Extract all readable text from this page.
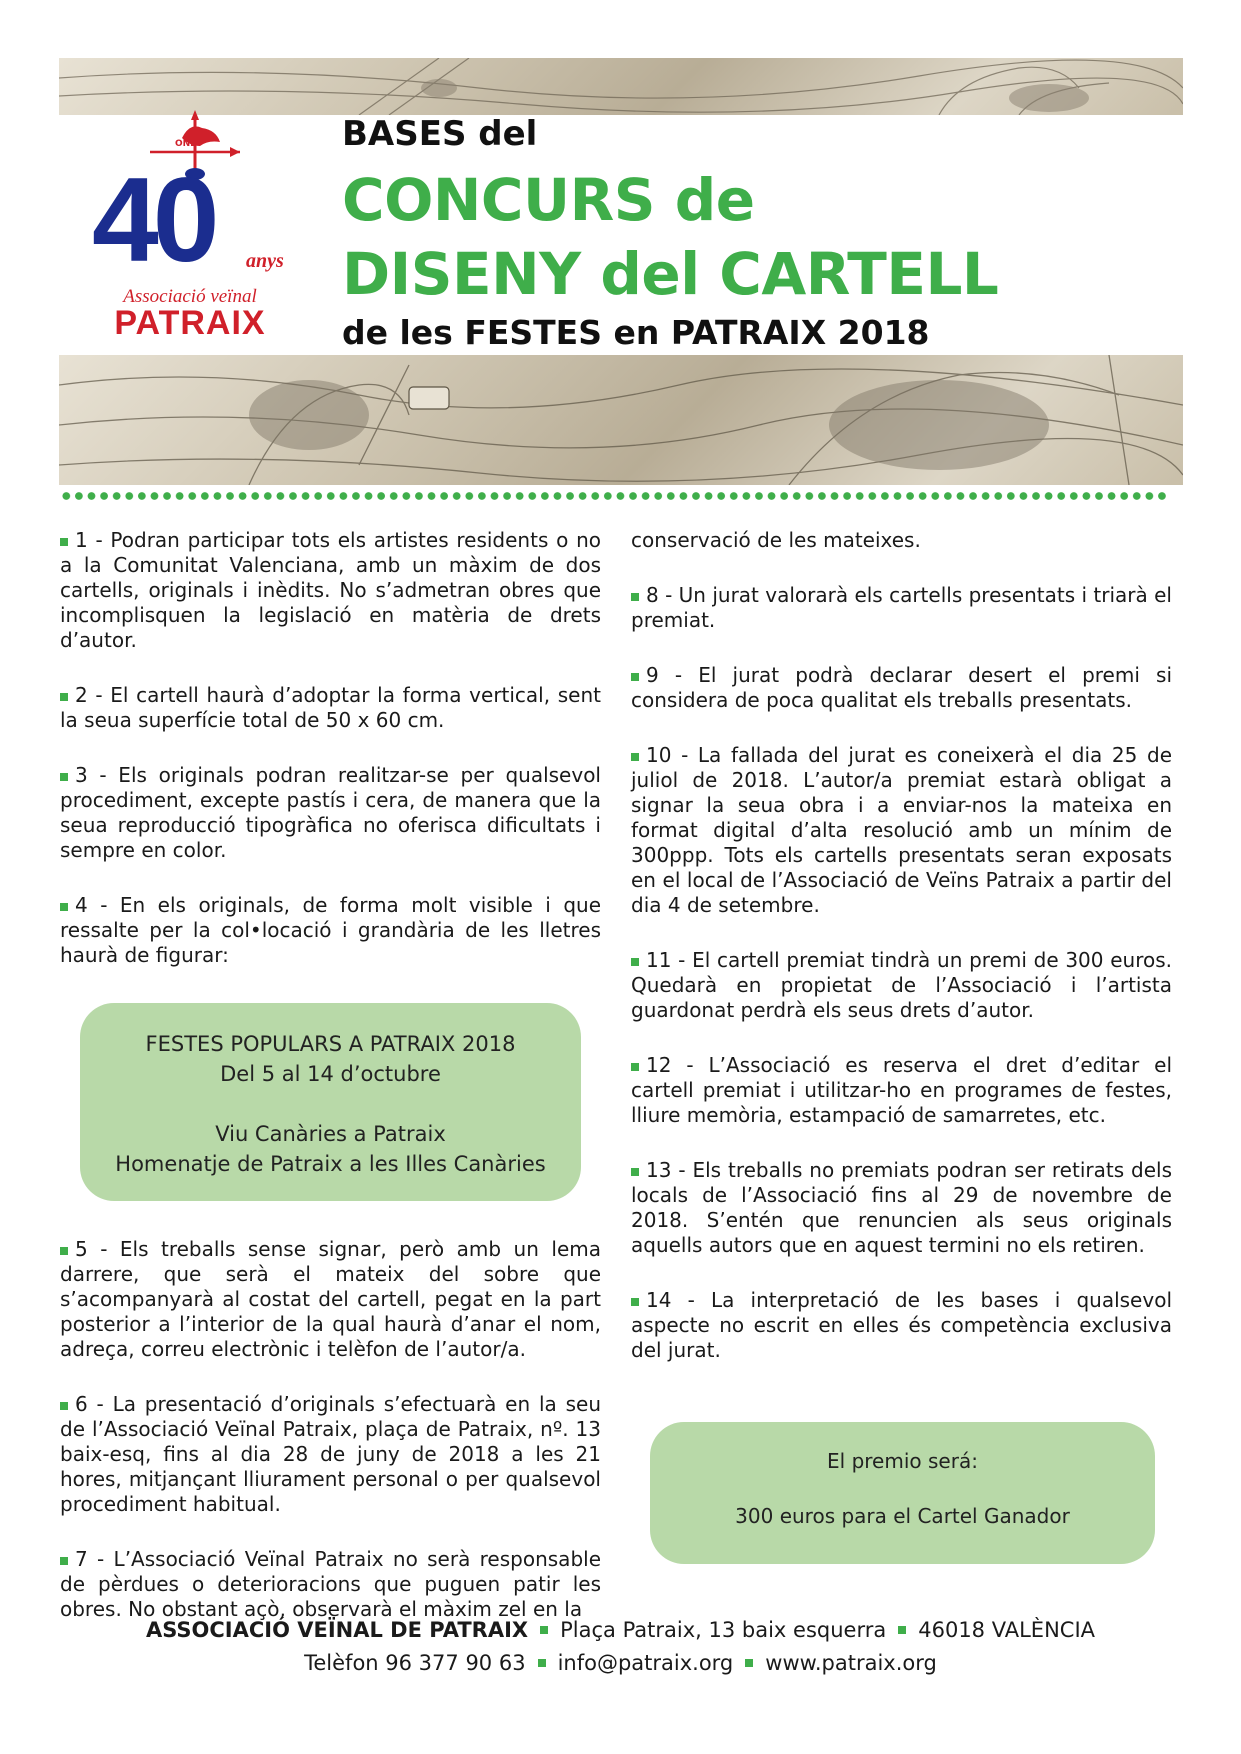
ONE
40 anys
Associació veïnal
PATRAIX
BASES del
CONCURS de
DISENY del CARTELL
de les FESTES en PATRAIX 2018

1 - Podran participar tots els artistes residents o no a la Comunitat Valenciana, amb un màxim de dos cartells, originals i inèdits. No s’admetran obres que incomplisquen la legislació en matèria de drets d’autor.

2 - El cartell haurà d’adoptar la forma vertical, sent la seua superfície total de 50 x 60 cm.

3 - Els originals podran realitzar-se per qualsevol procediment, excepte pastís i cera, de manera que la seua reproducció tipogràfica no oferisca dificultats i sempre en color.

4 - En els originals, de forma molt visible i que ressalte per la col•locació i grandària de les lletres haurà de figurar:

FESTES POPULARS A PATRAIX 2018
Del 5 al 14 d’octubre
Viu Canàries a Patraix
Homenatje de Patraix a les Illes Canàries

5 - Els treballs sense signar, però amb un lema darrere, que serà el mateix del sobre que s’acompanyarà al costat del cartell, pegat en la part posterior a l’interior de la qual haurà d’anar el nom, adreça, correu electrònic i telèfon de l’autor/a.

6 - La presentació d’originals s’efectuarà en la seu de l’Associació Veïnal Patraix, plaça de Patraix, nº. 13 baix-esq, fins al dia 28 de juny de 2018 a les 21 hores, mitjançant lliurament personal o per qualsevol procediment habitual.

7 - L’Associació Veïnal Patraix no serà responsable de pèrdues o deterioracions que puguen patir les obres. No obstant açò, observarà el màxim zel en la

conservació de les mateixes.

8 - Un jurat valorarà els cartells presentats i triarà el premiat.

9 - El jurat podrà declarar desert el premi si considera de poca qualitat els treballs presentats.

10 - La fallada del jurat es coneixerà el dia 25 de juliol de 2018. L’autor/a premiat estarà obligat a signar la seua obra i a enviar-nos la mateixa en format digital d’alta resolució amb un mínim de 300ppp. Tots els cartells presentats seran exposats en el local de l’Associació de Veïns Patraix a partir del dia 4 de setembre.

11 - El cartell premiat tindrà un premi de 300 euros. Quedarà en propietat de l’Associació i l’artista guardonat perdrà els seus drets d’autor.

12 - L’Associació es reserva el dret d’editar el cartell premiat i utilitzar-ho en programes de festes, lliure memòria, estampació de samarretes, etc.

13 - Els treballs no premiats podran ser retirats dels locals de l’Associació fins al 29 de novembre de 2018. S’entén que renuncien als seus originals aquells autors que en aquest termini no els retiren.

14 - La interpretació de les bases i qualsevol aspecte no escrit en elles és competència exclusiva del jurat.

El premio será:
300 euros para el Cartel Ganador
ASSOCIACIÓ VEÏNAL DE PATRAIX Plaça Patraix, 13 baix esquerra 46018 VALÈNCIA
Telèfon 96 377 90 63 info@patraix.org www.patraix.org
